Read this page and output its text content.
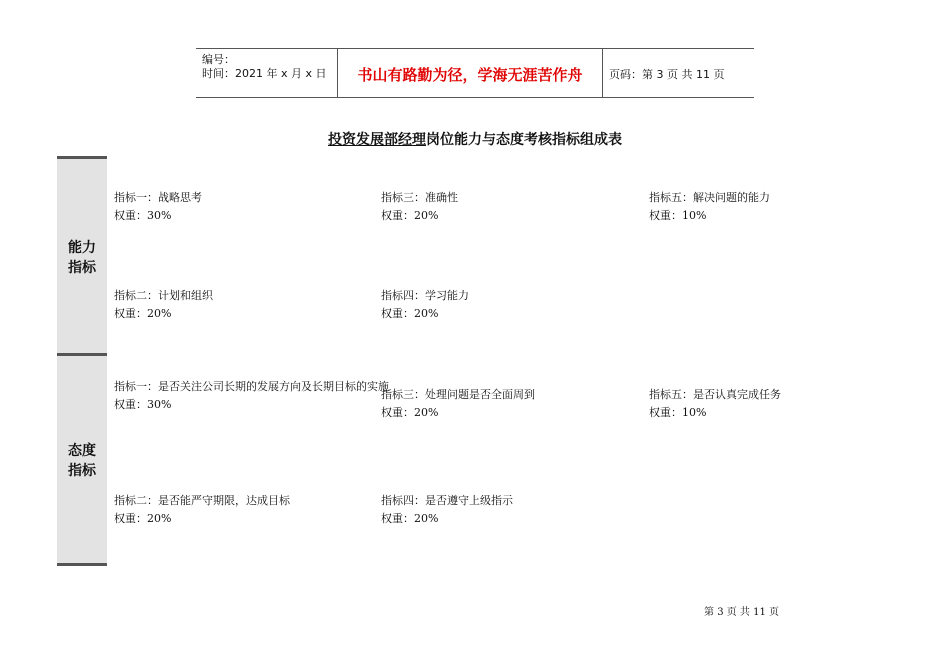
编号：
时间：2021 年 x 月 x 日	书山有路勤为径，学海无涯苦作舟	页码：第 3 页 共 11 页
投资发展部经理岗位能力与态度考核指标组成表
能力
指标
指标一：战略思考
权重：30%
指标三：准确性
权重：20%
指标五：解决问题的能力
权重：10%
指标二：计划和组织
权重：20%
指标四：学习能力
权重：20%
态度
指标
指标一：是否关注公司长期的发展方向及长期目标的实施
权重：30%
指标三：处理问题是否全面周到
权重：20%
指标五：是否认真完成任务
权重：10%
指标二：是否能严守期限，达成目标
权重：20%
指标四：是否遵守上级指示
权重：20%
第 3 页 共 11 页
